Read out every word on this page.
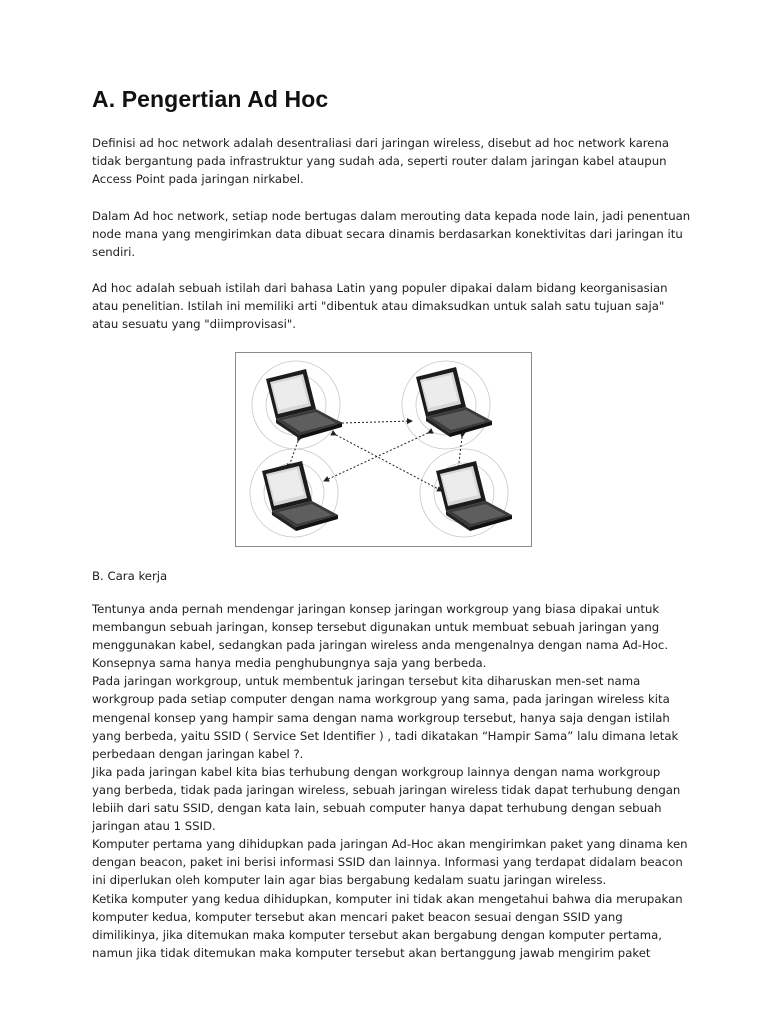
A. Pengertian Ad Hoc

Definisi ad hoc network adalah desentraliasi dari jaringan wireless, disebut ad hoc network karena tidak bergantung pada infrastruktur yang sudah ada, seperti router dalam jaringan kabel ataupun Access Point pada jaringan nirkabel.

Dalam Ad hoc network, setiap node bertugas dalam merouting data kepada node lain, jadi penentuan node mana yang mengirimkan data dibuat secara dinamis berdasarkan konektivitas dari jaringan itu sendiri.

Ad hoc adalah sebuah istilah dari bahasa Latin yang populer dipakai dalam bidang keorganisasian atau penelitian. Istilah ini memiliki arti "dibentuk atau dimaksudkan untuk salah satu tujuan saja" atau sesuatu yang "diimprovisasi".

B. Cara kerja
Tentunya anda pernah mendengar jaringan konsep jaringan workgroup yang biasa dipakai untuk
membangun sebuah jaringan, konsep tersebut digunakan untuk membuat sebuah jaringan yang
menggunakan kabel, sedangkan pada jaringan wireless anda mengenalnya dengan nama Ad-Hoc.
Konsepnya sama hanya media penghubungnya saja yang berbeda.
Pada jaringan workgroup, untuk membentuk jaringan tersebut kita diharuskan men-set nama
workgroup pada setiap computer dengan nama workgroup yang sama, pada jaringan wireless kita
mengenal konsep yang hampir sama dengan nama workgroup tersebut, hanya saja dengan istilah
yang berbeda, yaitu SSID ( Service Set Identifier ) , tadi dikatakan “Hampir Sama” lalu dimana letak
perbedaan dengan jaringan kabel ?.
Jika pada jaringan kabel kita bias terhubung dengan workgroup lainnya dengan nama workgroup
yang berbeda, tidak pada jaringan wireless, sebuah jaringan wireless tidak dapat terhubung dengan
lebiih dari satu SSID, dengan kata lain, sebuah computer hanya dapat terhubung dengan sebuah
jaringan atau 1 SSID.
Komputer pertama yang dihidupkan pada jaringan Ad-Hoc akan mengirimkan paket yang dinama ken
dengan beacon, paket ini berisi informasi SSID dan lainnya. Informasi yang terdapat didalam beacon
ini diperlukan oleh komputer lain agar bias bergabung kedalam suatu jaringan wireless.
Ketika komputer yang kedua dihidupkan, komputer ini tidak akan mengetahui bahwa dia merupakan
komputer kedua, komputer tersebut akan mencari paket beacon sesuai dengan SSID yang
dimilikinya, jika ditemukan maka komputer tersebut akan bergabung dengan komputer pertama,
namun jika tidak ditemukan maka komputer tersebut akan bertanggung jawab mengirim paket
